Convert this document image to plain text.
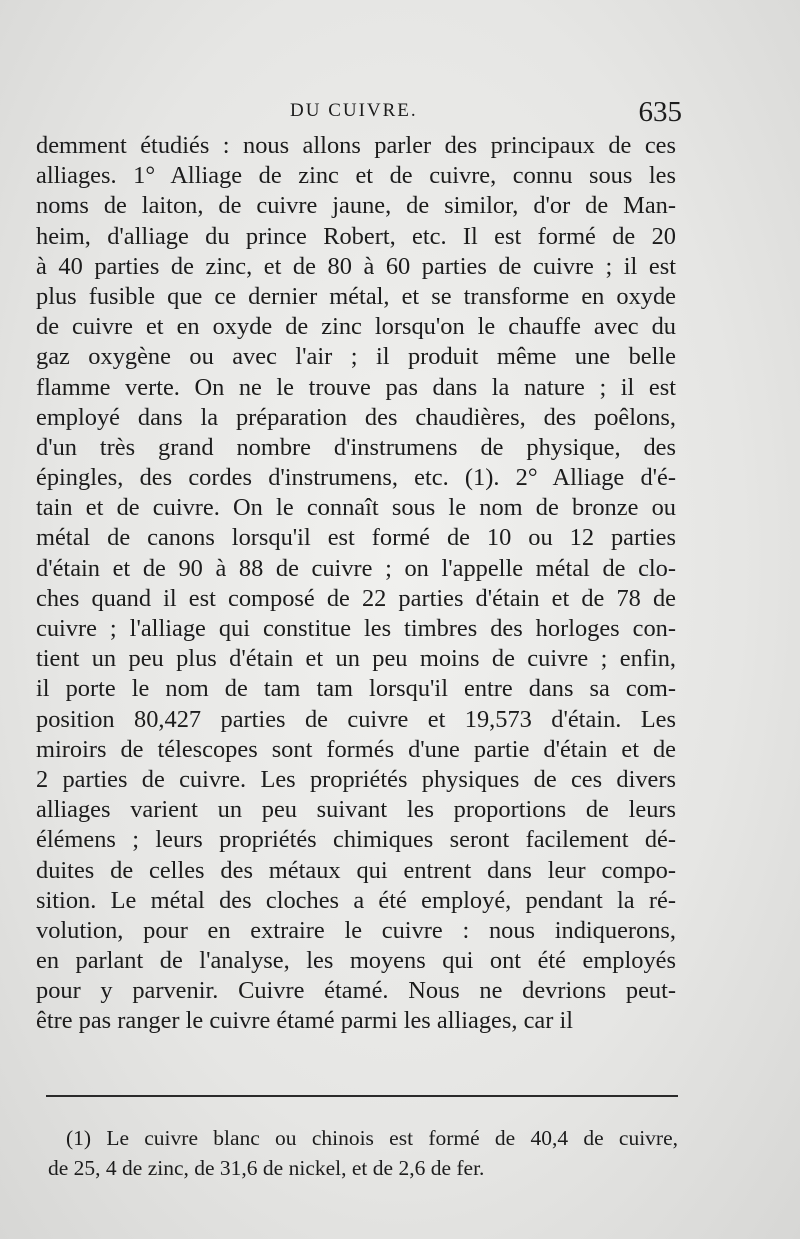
DU CUIVRE.	635
demment étudiés : nous allons parler des principaux de ces
alliages. 1° Alliage de zinc et de cuivre, connu sous les
noms de laiton, de cuivre jaune, de similor, d'or de Man-
heim, d'alliage du prince Robert, etc. Il est formé de 20
à 40 parties de zinc, et de 80 à 60 parties de cuivre ; il est
plus fusible que ce dernier métal, et se transforme en oxyde
de cuivre et en oxyde de zinc lorsqu'on le chauffe avec du
gaz oxygène ou avec l'air ; il produit même une belle
flamme verte. On ne le trouve pas dans la nature ; il est
employé dans la préparation des chaudières, des poêlons,
d'un très grand nombre d'instrumens de physique, des
épingles, des cordes d'instrumens, etc. (1). 2° Alliage d'é-
tain et de cuivre. On le connaît sous le nom de bronze ou
métal de canons lorsqu'il est formé de 10 ou 12 parties
d'étain et de 90 à 88 de cuivre ; on l'appelle métal de clo-
ches quand il est composé de 22 parties d'étain et de 78 de
cuivre ; l'alliage qui constitue les timbres des horloges con-
tient un peu plus d'étain et un peu moins de cuivre ; enfin,
il porte le nom de tam tam lorsqu'il entre dans sa com-
position 80,427 parties de cuivre et 19,573 d'étain. Les
miroirs de télescopes sont formés d'une partie d'étain et de
2 parties de cuivre. Les propriétés physiques de ces divers
alliages varient un peu suivant les proportions de leurs
élémens ; leurs propriétés chimiques seront facilement dé-
duites de celles des métaux qui entrent dans leur compo-
sition. Le métal des cloches a été employé, pendant la ré-
volution, pour en extraire le cuivre : nous indiquerons,
en parlant de l'analyse, les moyens qui ont été employés
pour y parvenir. Cuivre étamé. Nous ne devrions peut-
être pas ranger le cuivre étamé parmi les alliages, car il
(1) Le cuivre blanc ou chinois est formé de 40,4 de cuivre,
de 25, 4 de zinc, de 31,6 de nickel, et de 2,6 de fer.
